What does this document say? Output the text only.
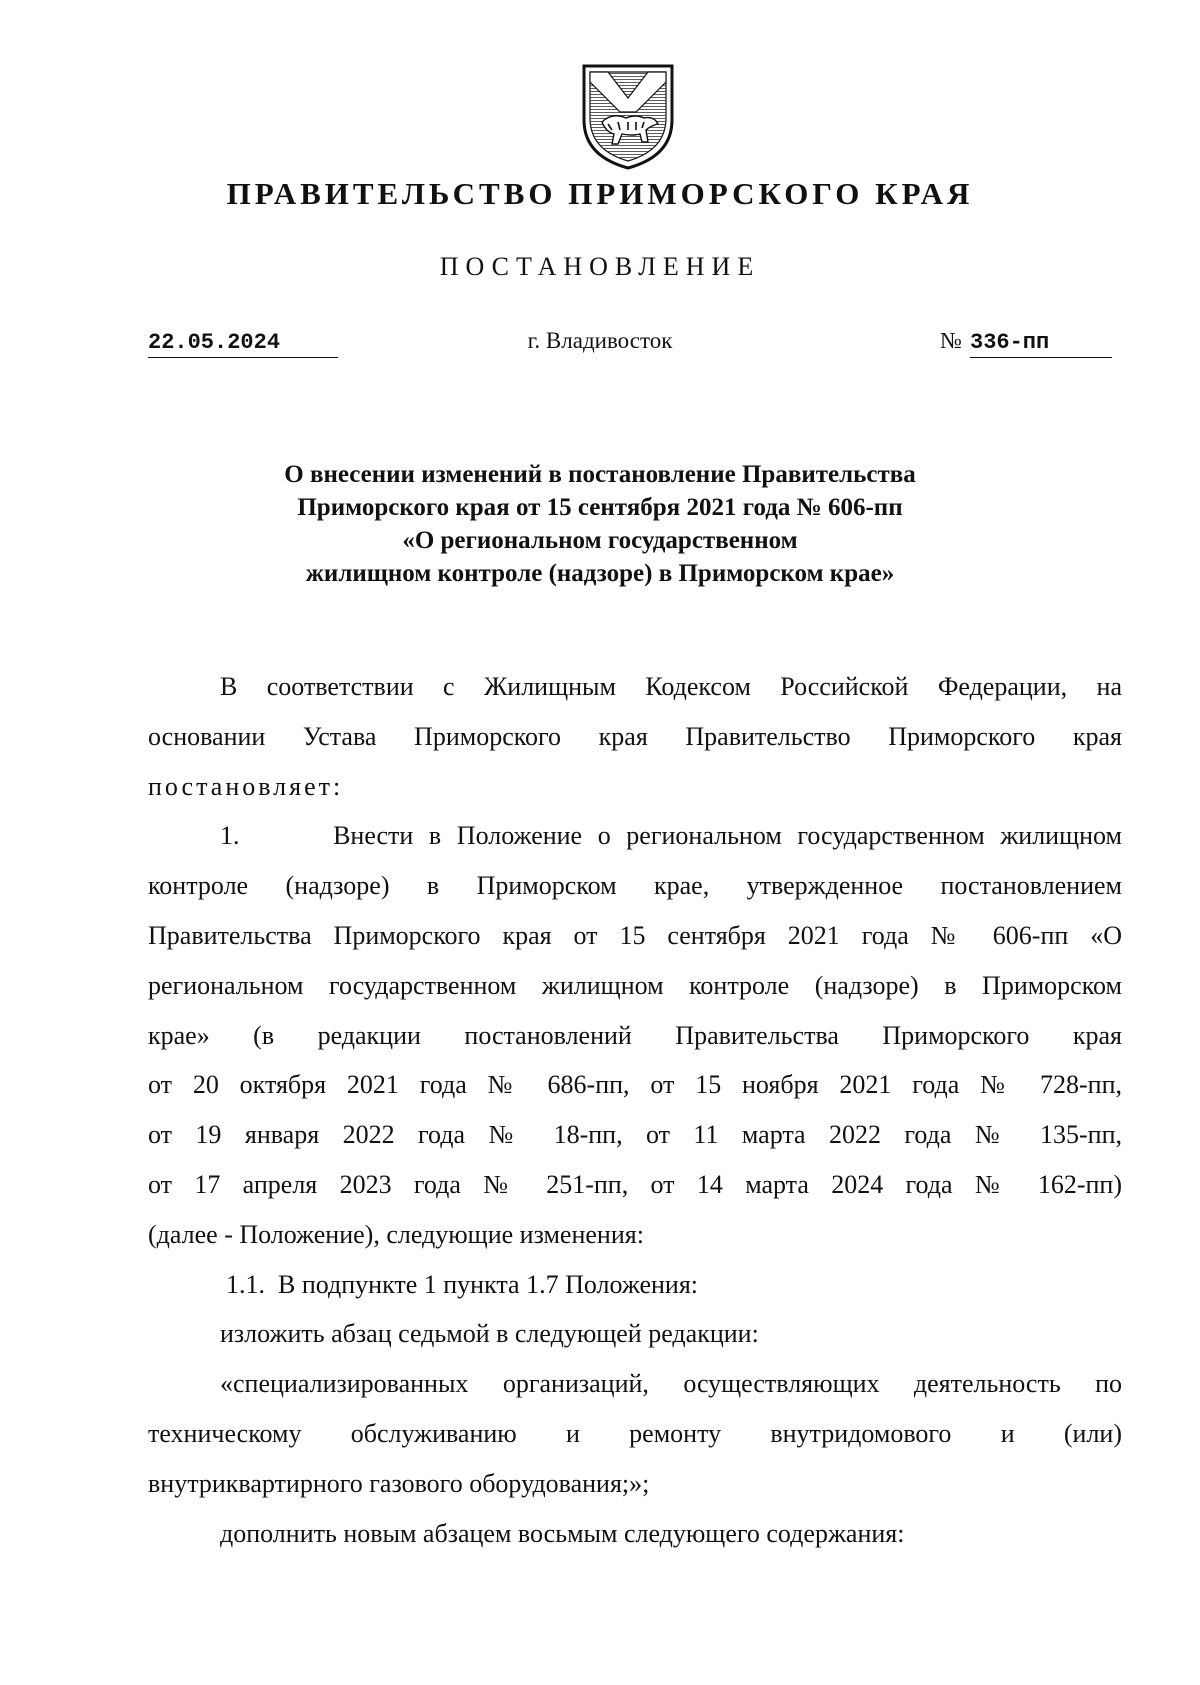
ПРАВИТЕЛЬСТВО ПРИМОРСКОГО КРАЯ
ПОСТАНОВЛЕНИЕ
22.05.2024	г. Владивосток	№ 336-пп
О внесении изменений в постановление Правительства
Приморского края от 15 сентября 2021 года № 606-пп
«О региональном государственном
жилищном контроле (надзоре) в Приморском крае»

В соответствии с Жилищным Кодексом Российской Федерации, на

основании Устава Приморского края Правительство Приморского края

постановляет:

1.      Внести в Положение о региональном государственном жилищном

контроле (надзоре) в Приморском крае, утвержденное постановлением

Правительства Приморского края от 15 сентября 2021 года № 606-пп «О

региональном государственном жилищном контроле (надзоре) в Приморском

крае» (в редакции постановлений Правительства Приморского края

от 20 октября 2021 года № 686-пп, от 15 ноября 2021 года № 728-пп,

от 19 января 2022 года № 18-пп, от 11 марта 2022 года № 135-пп,

от 17 апреля 2023 года № 251-пп, от 14 марта 2024 года № 162-пп)

(далее - Положение), следующие изменения:

1.1.  В подпункте 1 пункта 1.7 Положения:

изложить абзац седьмой в следующей редакции:

«специализированных организаций, осуществляющих деятельность по

техническому обслуживанию и ремонту внутридомового и (или)

внутриквартирного газового оборудования;»;

дополнить новым абзацем восьмым следующего содержания:
